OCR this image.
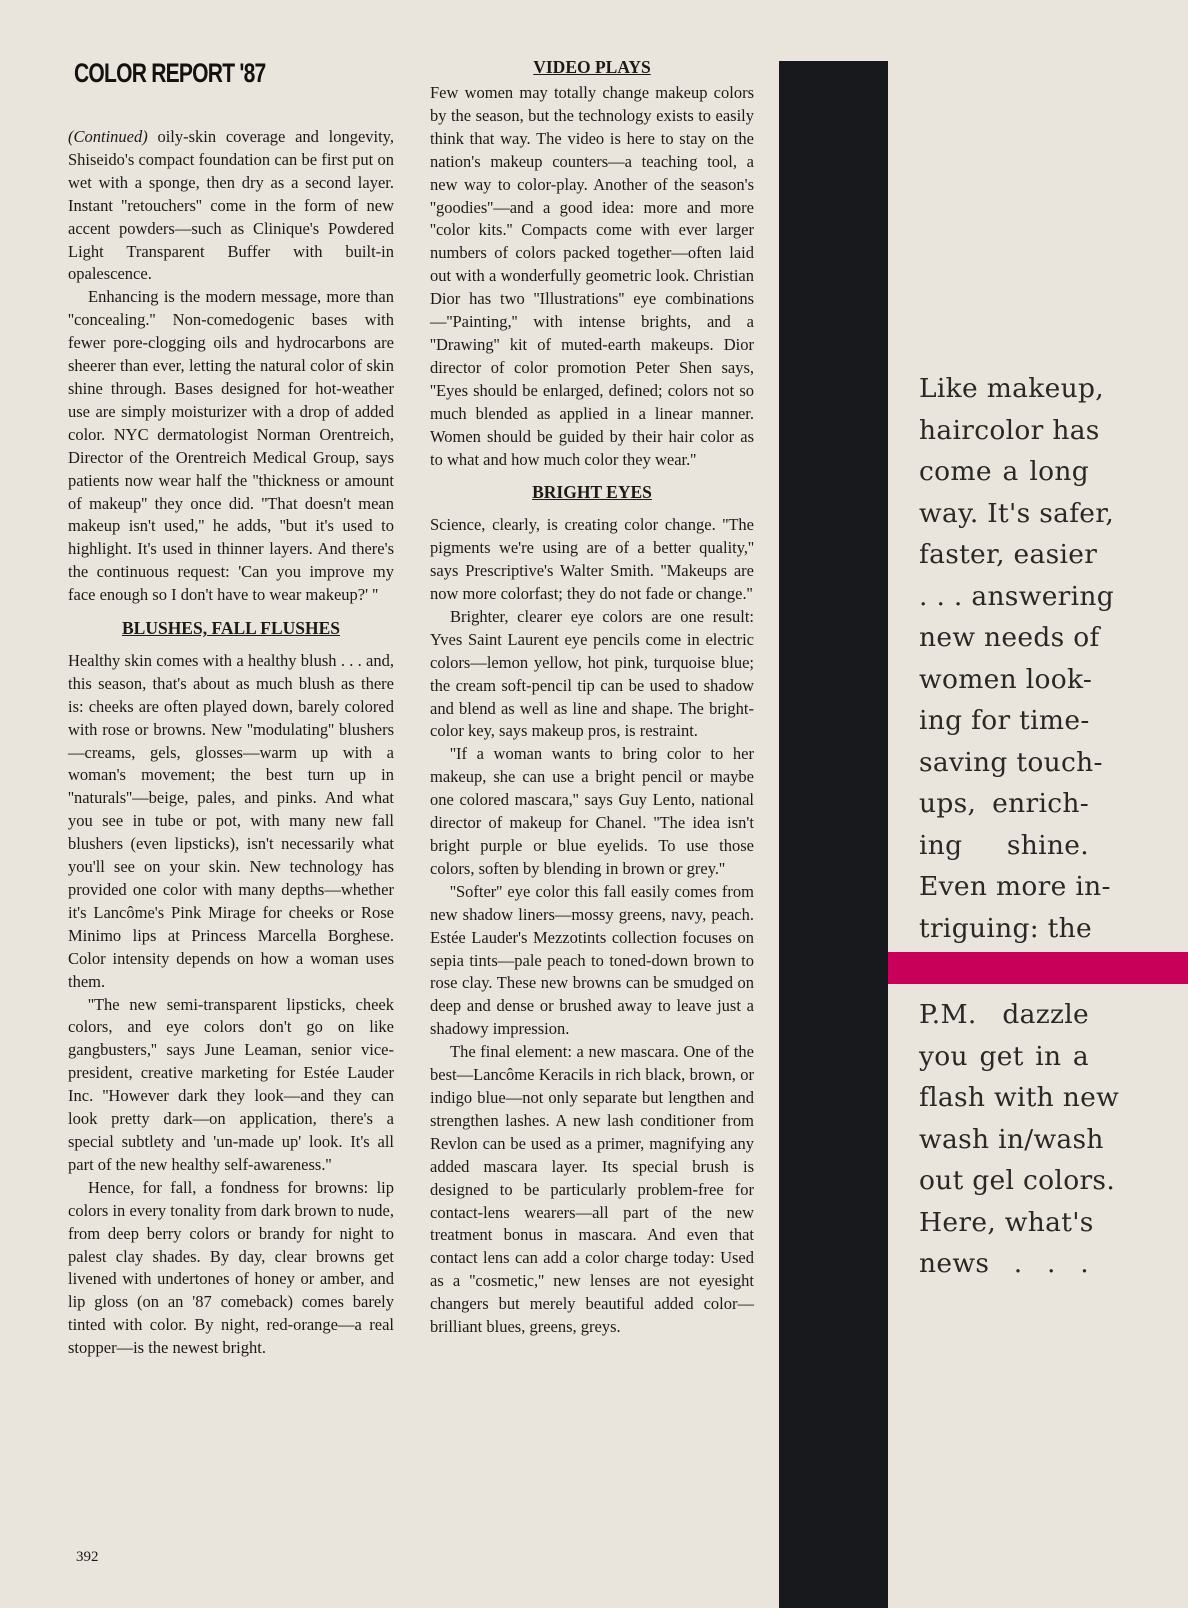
COLOR REPORT '87

(Continued) oily-skin coverage and longevity, Shiseido's compact foundation can be first put on wet with a sponge, then dry as a second layer. Instant ''retouchers'' come in the form of new accent powders—such as Clinique's Powdered Light Transparent Buffer with built-in opalescence.

Enhancing is the modern message, more than ''concealing.'' Non-comedogenic bases with fewer pore-clogging oils and hydrocarbons are sheerer than ever, letting the natural color of skin shine through. Bases designed for hot-weather use are simply moisturizer with a drop of added color. NYC dermatologist Norman Orentreich, Director of the Orentreich Medical Group, says patients now wear half the ''thickness or amount of makeup'' they once did. ''That doesn't mean makeup isn't used,'' he adds, ''but it's used to highlight. It's used in thinner layers. And there's the continuous request: 'Can you improve my face enough so I don't have to wear makeup?' ''

BLUSHES, FALL FLUSHES

Healthy skin comes with a healthy blush . . . and, this season, that's about as much blush as there is: cheeks are often played down, barely colored with rose or browns. New ''modulating'' blushers—creams, gels, glosses—warm up with a woman's movement; the best turn up in ''naturals''—beige, pales, and pinks. And what you see in tube or pot, with many new fall blushers (even lipsticks), isn't necessarily what you'll see on your skin. New technology has provided one color with many depths—whether it's Lancôme's Pink Mirage for cheeks or Rose Minimo lips at Princess Marcella Borghese. Color intensity depends on how a woman uses them.

''The new semi-transparent lipsticks, cheek colors, and eye colors don't go on like gangbusters,'' says June Leaman, senior vice-president, creative marketing for Estée Lauder Inc. ''However dark they look—and they can look pretty dark—on application, there's a special subtlety and 'un-made up' look. It's all part of the new healthy self-awareness.''

Hence, for fall, a fondness for browns: lip colors in every tonality from dark brown to nude, from deep berry colors or brandy for night to palest clay shades. By day, clear browns get livened with undertones of honey or amber, and lip gloss (on an '87 comeback) comes barely tinted with color. By night, red-orange—a real stopper—is the newest bright.

VIDEO PLAYS

Few women may totally change makeup colors by the season, but the technology exists to easily think that way. The video is here to stay on the nation's makeup counters—a teaching tool, a new way to color-play. Another of the season's ''goodies''—and a good idea: more and more ''color kits.'' Compacts come with ever larger numbers of colors packed together—often laid out with a wonderfully geometric look. Christian Dior has two ''Illustrations'' eye combinations—''Painting,'' with intense brights, and a ''Drawing'' kit of muted-earth makeups. Dior director of color promotion Peter Shen says, ''Eyes should be enlarged, defined; colors not so much blended as applied in a linear manner. Women should be guided by their hair color as to what and how much color they wear.''

BRIGHT EYES

Science, clearly, is creating color change. ''The pigments we're using are of a better quality,'' says Prescriptive's Walter Smith. ''Makeups are now more colorfast; they do not fade or change.''

Brighter, clearer eye colors are one result: Yves Saint Laurent eye pencils come in electric colors—lemon yellow, hot pink, turquoise blue; the cream soft-pencil tip can be used to shadow and blend as well as line and shape. The bright-color key, says makeup pros, is restraint.

''If a woman wants to bring color to her makeup, she can use a bright pencil or maybe one colored mascara,'' says Guy Lento, national director of makeup for Chanel. ''The idea isn't bright purple or blue eyelids. To use those colors, soften by blending in brown or grey.''

''Softer'' eye color this fall easily comes from new shadow liners—mossy greens, navy, peach. Estée Lauder's Mezzotints collection focuses on sepia tints—pale peach to toned-down brown to rose clay. These new browns can be smudged on deep and dense or brushed away to leave just a shadowy impression.

The final element: a new mascara. One of the best—Lancôme Keracils in rich black, brown, or indigo blue—not only separate but lengthen and strengthen lashes. A new lash conditioner from Revlon can be used as a primer, magnifying any added mascara layer. Its special brush is designed to be particularly problem-free for contact-lens wearers—all part of the new treatment bonus in mascara. And even that contact lens can add a color charge today: Used as a ''cosmetic,'' new lenses are not eyesight changers but merely beautiful added color—brilliant blues, greens, greys.

392
Like makeup,
haircolor has
come a long
way. It's safer,
faster, easier
. . . answering
new needs of
women look-
ing for time-
saving touch-
ups, enrich-
ing shine.
Even more in-
triguing: the
P.M. dazzle
you get in a
flash with new
wash in/wash
out gel colors.
Here, what's
news . . .
